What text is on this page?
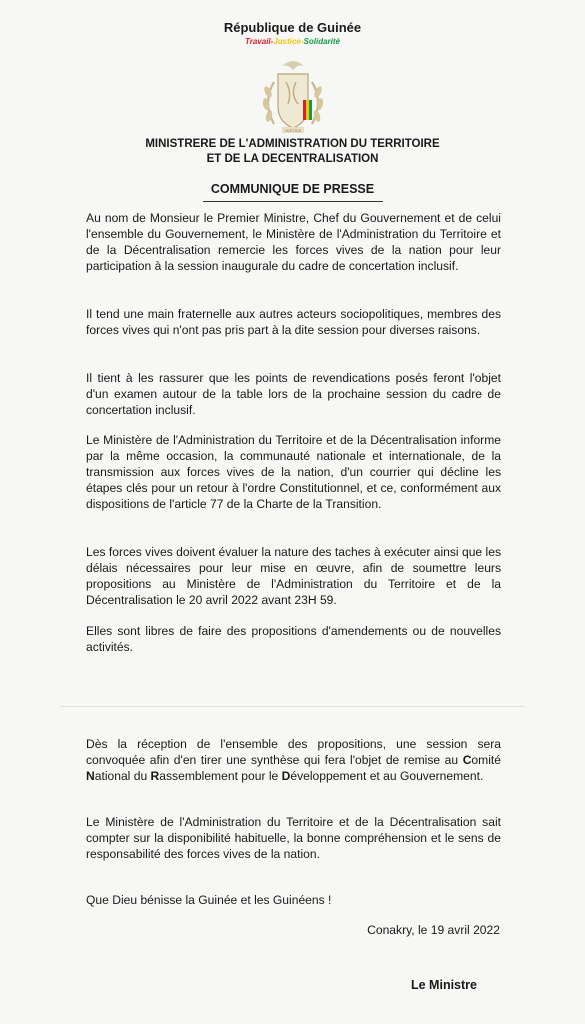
République de Guinée
Travail-Justice-Solidarité
JUSTICE
MINISTRERE DE L'ADMINISTRATION DU TERRITOIRE
ET DE LA DECENTRALISATION
COMMUNIQUE DE PRESSE
Au nom de Monsieur le Premier Ministre, Chef du Gouvernement et de celui l'ensemble du Gouvernement, le Ministère de l'Administration du Territoire et de la Décentralisation remercie les forces vives de la nation pour leur participation à la session inaugurale du cadre de concertation inclusif.
Il tend une main fraternelle aux autres acteurs sociopolitiques, membres des forces vives qui n'ont pas pris part à la dite session pour diverses raisons.
Il tient à les rassurer que les points de revendications posés feront l'objet d'un examen autour de la table lors de la prochaine session du cadre de concertation inclusif.
Le Ministère de l'Administration du Territoire et de la Décentralisation informe par la même occasion, la communauté nationale et internationale, de la transmission aux forces vives de la nation, d'un courrier qui décline les étapes clés pour un retour à l'ordre Constitutionnel, et ce, conformément aux dispositions de l'article 77 de la Charte de la Transition.
Les forces vives doivent évaluer la nature des taches à exécuter ainsi que les délais nécessaires pour leur mise en œuvre, afin de soumettre leurs propositions au Ministère de l'Administration du Territoire et de la Décentralisation le 20 avril 2022 avant 23H 59.
Elles sont libres de faire des propositions d'amendements ou de nouvelles activités.
Dès la réception de l'ensemble des propositions, une session sera convoquée afin d'en tirer une synthèse qui fera l'objet de remise au Comité National du Rassemblement pour le Développement et au Gouvernement.
Le Ministère de l'Administration du Territoire et de la Décentralisation sait compter sur la disponibilité habituelle, la bonne compréhension et le sens de responsabilité des forces vives de la nation.
Que Dieu bénisse la Guinée et les Guinéens !
Conakry, le 19 avril 2022
Le Ministre
